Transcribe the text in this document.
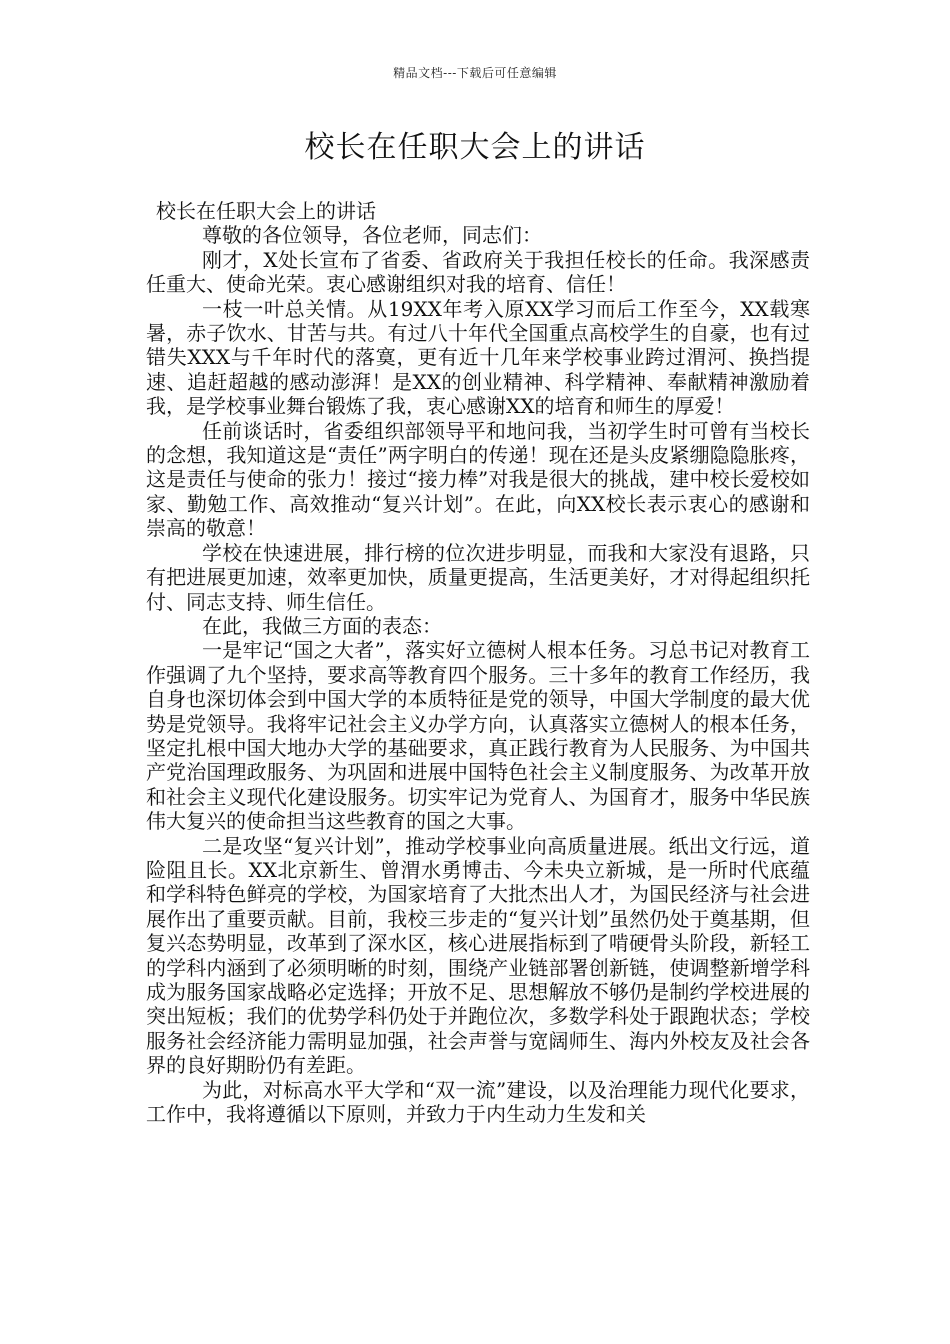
精品文档---下载后可任意编辑
校长在任职大会上的讲话

校长在任职大会上的讲话

尊敬的各位领导，各位老师，同志们：

刚才，X处长宣布了省委、省政府关于我担任校长的任命。我深感责任重大、使命光荣。衷心感谢组织对我的培育、信任！

一枝一叶总关情。从19XX年考入原XX学习而后工作至今，XX载寒暑，赤子饮水、甘苦与共。有过八十年代全国重点高校学生的自豪，也有过错失XXX与千年时代的落寞，更有近十几年来学校事业跨过渭河、换挡提速、追赶超越的感动澎湃！是XX的创业精神、科学精神、奉献精神激励着我，是学校事业舞台锻炼了我，衷心感谢XX的培育和师生的厚爱！

任前谈话时，省委组织部领导平和地问我，当初学生时可曾有当校长的念想，我知道这是“责任”两字明白的传递！现在还是头皮紧绷隐隐胀疼，这是责任与使命的张力！接过“接力棒”对我是很大的挑战，建中校长爱校如家、勤勉工作、高效推动“复兴计划”。在此，向XX校长表示衷心的感谢和崇高的敬意！

学校在快速进展，排行榜的位次进步明显，而我和大家没有退路，只有把进展更加速，效率更加快，质量更提高，生活更美好，才对得起组织托付、同志支持、师生信任。

在此，我做三方面的表态：

一是牢记“国之大者”，落实好立德树人根本任务。习总书记对教育工作强调了九个坚持，要求高等教育四个服务。三十多年的教育工作经历，我自身也深切体会到中国大学的本质特征是党的领导，中国大学制度的最大优势是党领导。我将牢记社会主义办学方向，认真落实立德树人的根本任务，坚定扎根中国大地办大学的基础要求，真正践行教育为人民服务、为中国共产党治国理政服务、为巩固和进展中国特色社会主义制度服务、为改革开放和社会主义现代化建设服务。切实牢记为党育人、为国育才，服务中华民族伟大复兴的使命担当这些教育的国之大事。

二是攻坚“复兴计划”，推动学校事业向高质量进展。纸出文行远，道险阻且长。XX北京新生、曾渭水勇博击、今未央立新城，是一所时代底蕴和学科特色鲜亮的学校，为国家培育了大批杰出人才，为国民经济与社会进展作出了重要贡献。目前，我校三步走的“复兴计划”虽然仍处于奠基期，但复兴态势明显，改革到了深水区，核心进展指标到了啃硬骨头阶段，新轻工的学科内涵到了必须明晰的时刻，围绕产业链部署创新链，使调整新增学科成为服务国家战略必定选择；开放不足、思想解放不够仍是制约学校进展的突出短板；我们的优势学科仍处于并跑位次，多数学科处于跟跑状态；学校服务社会经济能力需明显加强，社会声誉与宽阔师生、海内外校友及社会各界的良好期盼仍有差距。

为此，对标高水平大学和“双一流”建设，以及治理能力现代化要求，工作中，我将遵循以下原则，并致力于内生动力生发和关
